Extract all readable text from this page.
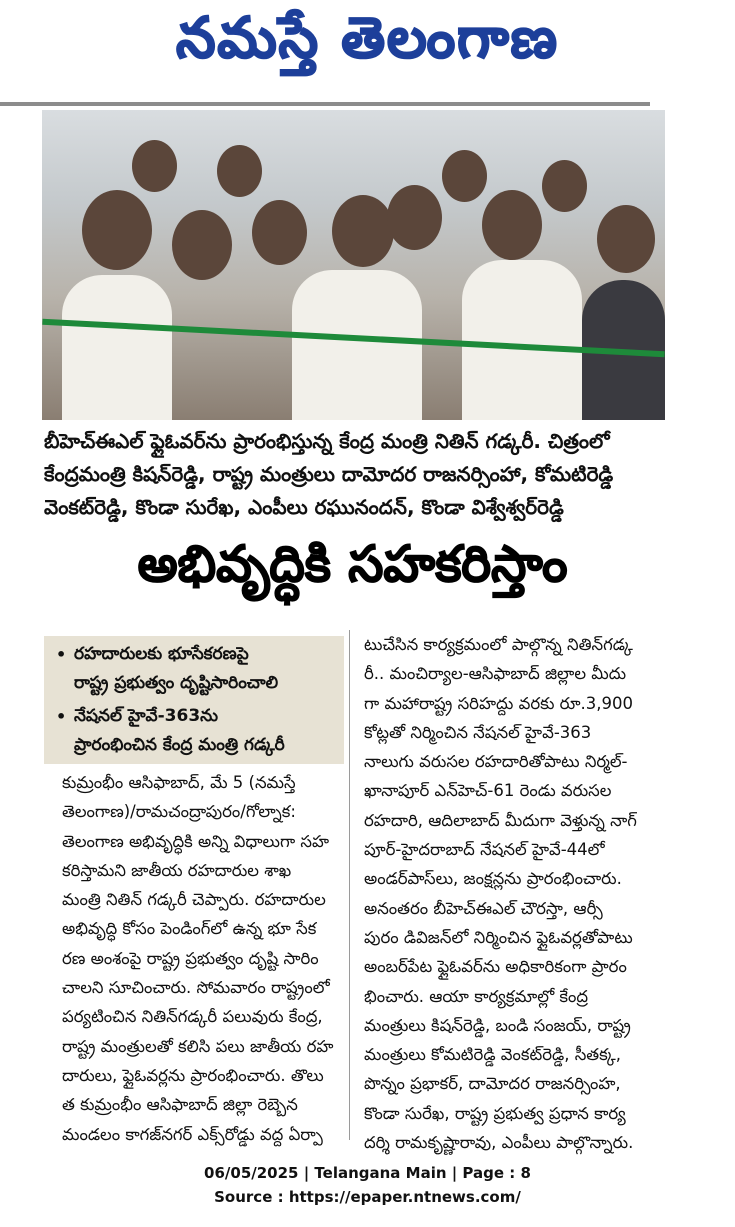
నమస్తే తెలంగాణ
బీహెచ్ఈఎల్ ఫ్లైఓవర్‌ను ప్రారంభిస్తున్న కేంద్ర మంత్రి నితిన్ గడ్కరీ. చిత్రంలో
కేంద్రమంత్రి కిషన్‌రెడ్డి, రాష్ట్ర మంత్రులు దామోదర రాజనర్సింహా, కోమటిరెడ్డి
వెంకట్‌రెడ్డి, కొండా సురేఖ, ఎంపీలు రఘునందన్, కొండా విశ్వేశ్వర్‌రెడ్డి
అభివృద్ధికి సహకరిస్తాం
• రహదారులకు భూసేకరణపై
రాష్ట్ర ప్రభుత్వం దృష్టిసారించాలి
• నేషనల్ హైవే-363ను
ప్రారంభించిన కేంద్ర మంత్రి గడ్కరీ
కుమ్రంభీం ఆసిఫాబాద్, మే 5 (నమస్తే
తెలంగాణ)/రామచంద్రాపురం/గోల్నాక:
తెలంగాణ అభివృద్ధికి అన్ని విధాలుగా సహ
కరిస్తామని జాతీయ రహదారుల శాఖ
మంత్రి నితిన్ గడ్కరీ చెప్పారు. రహదారుల
అభివృద్ధి కోసం పెండింగ్‌లో ఉన్న భూ సేక
రణ అంశంపై రాష్ట్ర ప్రభుత్వం దృష్టి సారిం
చాలని సూచించారు. సోమవారం రాష్ట్రంలో
పర్యటించిన నితిన్‌గడ్కరీ పలువురు కేంద్ర,
రాష్ట్ర మంత్రులతో కలిసి పలు జాతీయ రహ
దారులు, ఫ్లైఓవర్లను ప్రారంభించారు. తొలు
త కుమ్రంభీం ఆసిఫాబాద్ జిల్లా రెబ్బెన
మండలం కాగజ్‌నగర్ ఎక్స్‌రోడ్డు వద్ద ఏర్పా
టుచేసిన కార్యక్రమంలో పాల్గొన్న నితిన్‌గడ్క
రీ.. మంచిర్యాల-ఆసిఫాబాద్ జిల్లాల మీదు
గా మహారాష్ట్ర సరిహద్దు వరకు రూ.3,900
కోట్లతో నిర్మించిన నేషనల్ హైవే-363
నాలుగు వరుసల రహదారితోపాటు నిర్మల్-
ఖానాపూర్ ఎన్‌హెచ్-61 రెండు వరుసల
రహదారి, ఆదిలాబాద్ మీదుగా వెళ్తున్న నాగ్
పూర్-హైదరాబాద్ నేషనల్ హైవే-44లో
అండర్‌పాస్‌లు, జంక్షన్లను ప్రారంభించారు.
అనంతరం బీహెచ్ఈఎల్ చౌరస్తా, ఆర్సీ
పురం డివిజన్‌లో నిర్మించిన ఫ్లైఓవర్లతోపాటు
అంబర్‌పేట ఫ్లైఓవర్‌ను అధికారికంగా ప్రారం
భించారు. ఆయా కార్యక్రమాల్లో కేంద్ర
మంత్రులు కిషన్‌రెడ్డి, బండి సంజయ్, రాష్ట్ర
మంత్రులు కోమటిరెడ్డి వెంకట్‌రెడ్డి, సీతక్క,
పొన్నం ప్రభాకర్, దామోదర రాజనర్సింహ,
కొండా సురేఖ, రాష్ట్ర ప్రభుత్వ ప్రధాన కార్య
దర్శి రామకృష్ణారావు, ఎంపీలు పాల్గొన్నారు.
06/05/2025 | Telangana Main | Page : 8
Source : https://epaper.ntnews.com/
